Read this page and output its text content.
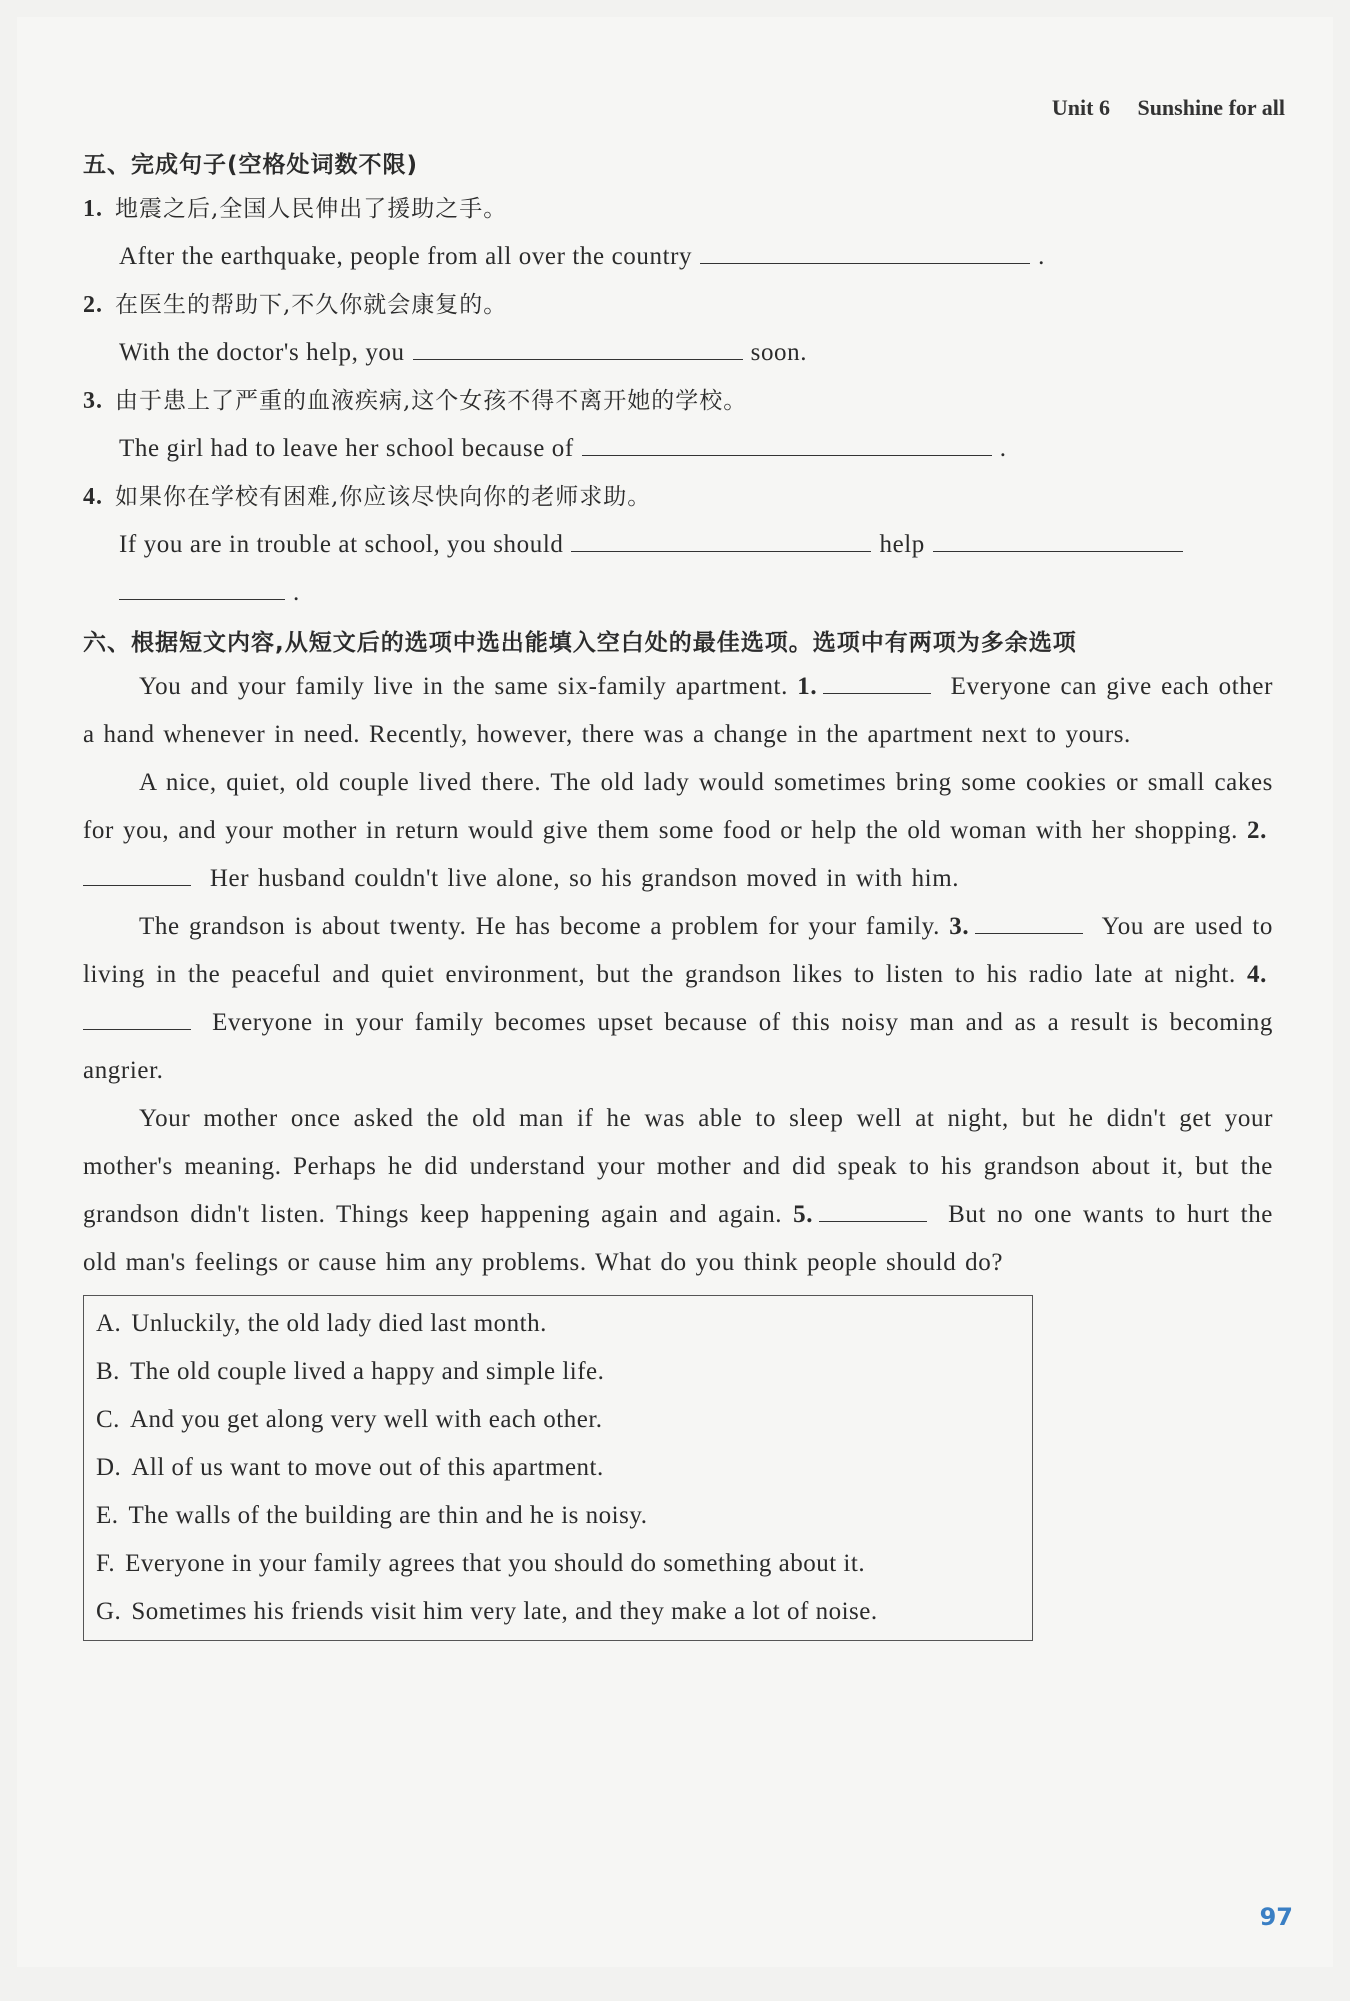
Unit 6 Sunshine for all
五、完成句子(空格处词数不限)
1. 地震之后,全国人民伸出了援助之手。
After the earthquake, people from all over the country	.
2. 在医生的帮助下,不久你就会康复的。
With the doctor's help, you	soon.
3. 由于患上了严重的血液疾病,这个女孩不得不离开她的学校。
The girl had to leave her school because of	.
4. 如果你在学校有困难,你应该尽快向你的老师求助。
If you are in trouble at school, you should	help
.
六、根据短文内容,从短文后的选项中选出能填入空白处的最佳选项。选项中有两项为多余选项

You and your family live in the same six-family apartment. 1.	Everyone can give each other a hand whenever in need. Recently, however, there was a change in the apartment next to yours.

A nice, quiet, old couple lived there. The old lady would sometimes bring some cookies or small cakes for you, and your mother in return would give them some food or help the old woman with her shopping. 2. Her husband couldn't live alone, so his grandson moved in with him.

The grandson is about twenty. He has become a problem for your family. 3.	You are used to living in the peaceful and quiet environment, but the grandson likes to listen to his radio late at night. 4. Everyone in your family becomes upset because of this noisy man and as a result is becoming angrier.

Your mother once asked the old man if he was able to sleep well at night, but he didn't get your mother's meaning. Perhaps he did understand your mother and did speak to his grandson about it, but the grandson didn't listen. Things keep happening again and again. 5.	But no one wants to hurt the old man's feelings or cause him any problems. What do you think people should do?

A. Unluckily, the old lady died last month.
B. The old couple lived a happy and simple life.
C. And you get along very well with each other.
D. All of us want to move out of this apartment.
E. The walls of the building are thin and he is noisy.
F. Everyone in your family agrees that you should do something about it.
G. Sometimes his friends visit him very late, and they make a lot of noise.
97
